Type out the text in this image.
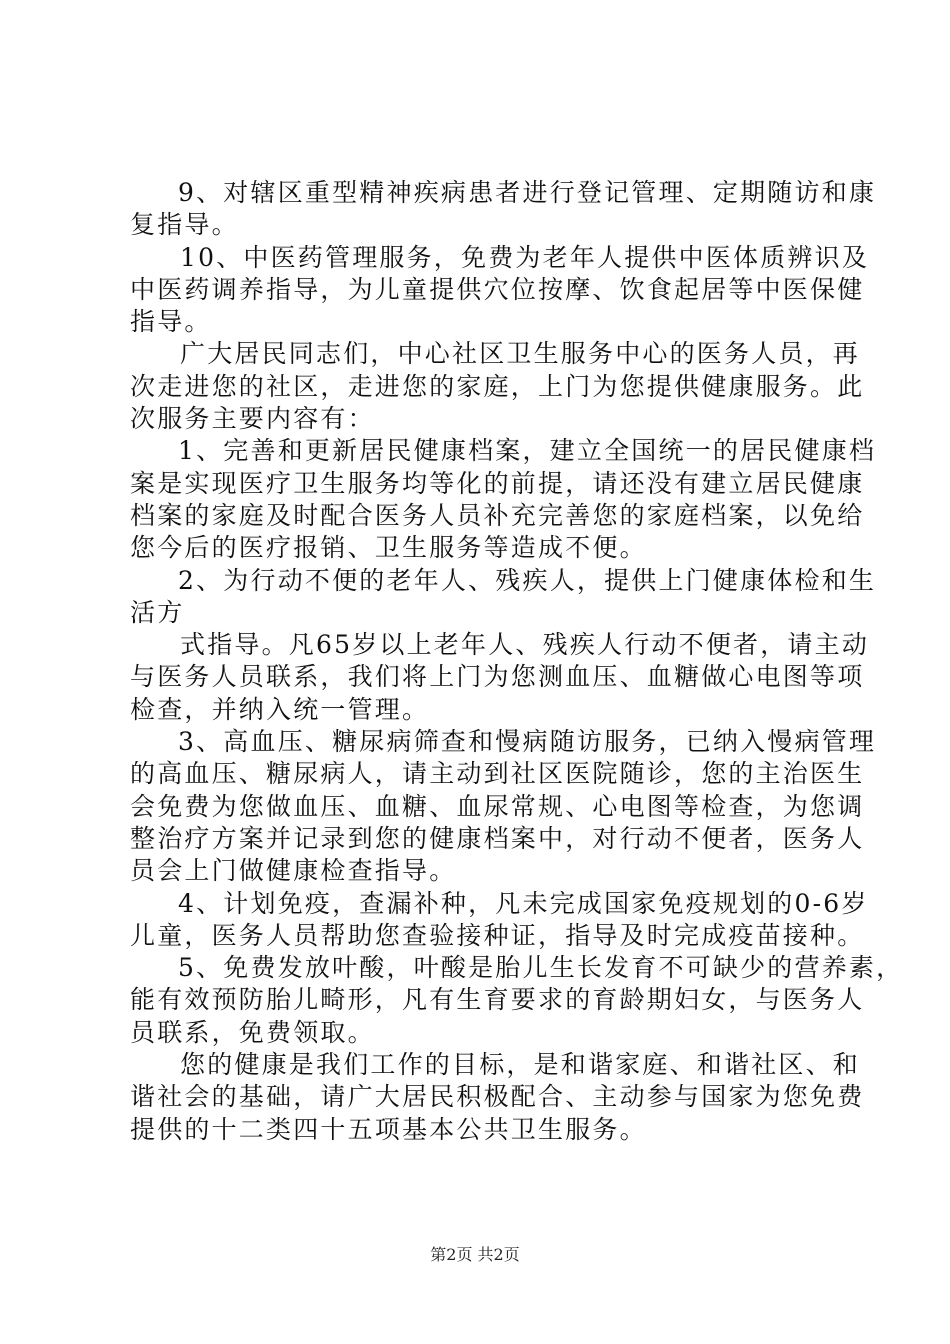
9、对辖区重型精神疾病患者进行登记管理、定期随访和康
复指导。
10、中医药管理服务，免费为老年人提供中医体质辨识及
中医药调养指导，为儿童提供穴位按摩、饮食起居等中医保健
指导。
广大居民同志们，中心社区卫生服务中心的医务人员，再
次走进您的社区，走进您的家庭，上门为您提供健康服务。此
次服务主要内容有：
1、完善和更新居民健康档案，建立全国统一的居民健康档
案是实现医疗卫生服务均等化的前提，请还没有建立居民健康
档案的家庭及时配合医务人员补充完善您的家庭档案，以免给
您今后的医疗报销、卫生服务等造成不便。
2、为行动不便的老年人、残疾人，提供上门健康体检和生
活方
式指导。凡65岁以上老年人、残疾人行动不便者，请主动
与医务人员联系，我们将上门为您测血压、血糖做心电图等项
检查，并纳入统一管理。
3、高血压、糖尿病筛查和慢病随访服务，已纳入慢病管理
的高血压、糖尿病人，请主动到社区医院随诊，您的主治医生
会免费为您做血压、血糖、血尿常规、心电图等检查，为您调
整治疗方案并记录到您的健康档案中，对行动不便者，医务人
员会上门做健康检查指导。
4、计划免疫，查漏补种，凡未完成国家免疫规划的0-6岁
儿童，医务人员帮助您查验接种证，指导及时完成疫苗接种。
5、免费发放叶酸，叶酸是胎儿生长发育不可缺少的营养素，
能有效预防胎儿畸形，凡有生育要求的育龄期妇女，与医务人
员联系，免费领取。
您的健康是我们工作的目标，是和谐家庭、和谐社区、和
谐社会的基础，请广大居民积极配合、主动参与国家为您免费
提供的十二类四十五项基本公共卫生服务。
第2页 共2页
